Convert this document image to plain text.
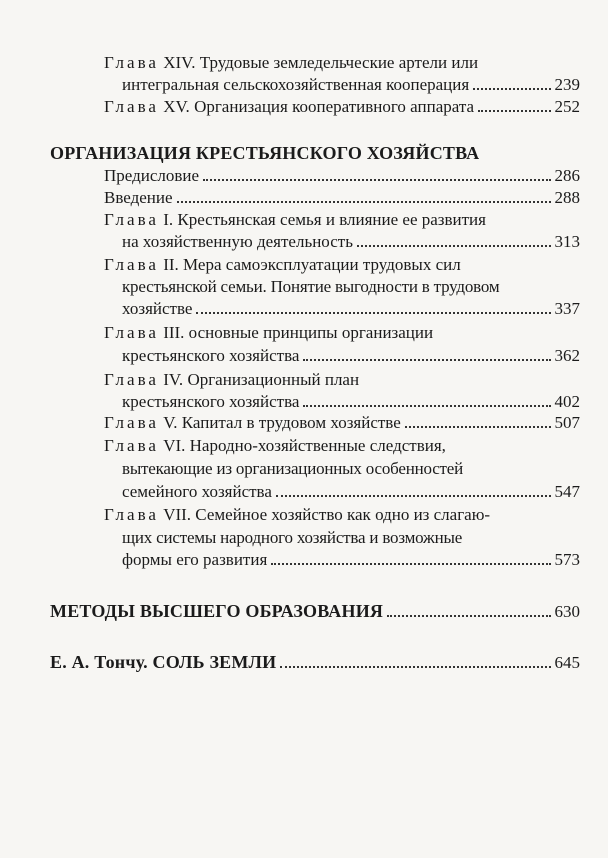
Глава XIV. Трудовые земледельческие артели или
интегральная сельскохозяйственная кооперация	239
Глава XV. Организация кооперативного аппарата	252
ОРГАНИЗАЦИЯ КРЕСТЬЯНСКОГО ХОЗЯЙСТВА
Предисловие	286
Введение	288
Глава I. Крестьянская семья и влияние ее развития
на хозяйственную деятельность	313
Глава II. Мера самоэксплуатации трудовых сил
крестьянской семьи. Понятие выгодности в трудовом
хозяйстве	337
Глава III. основные принципы организации
крестьянского хозяйства	362
Глава IV. Организационный план
крестьянского хозяйства	402
Глава V. Капитал в трудовом хозяйстве	507
Глава VI. Народно-хозяйственные следствия,
вытекающие из организационных особенностей
семейного хозяйства	547
Глава VII. Семейное хозяйство как одно из слагаю-
щих системы народного хозяйства и возможные
формы его развития	573
МЕТОДЫ ВЫСШЕГО ОБРАЗОВАНИЯ	630
Е. А. Тончу. СОЛЬ ЗЕМЛИ	645
